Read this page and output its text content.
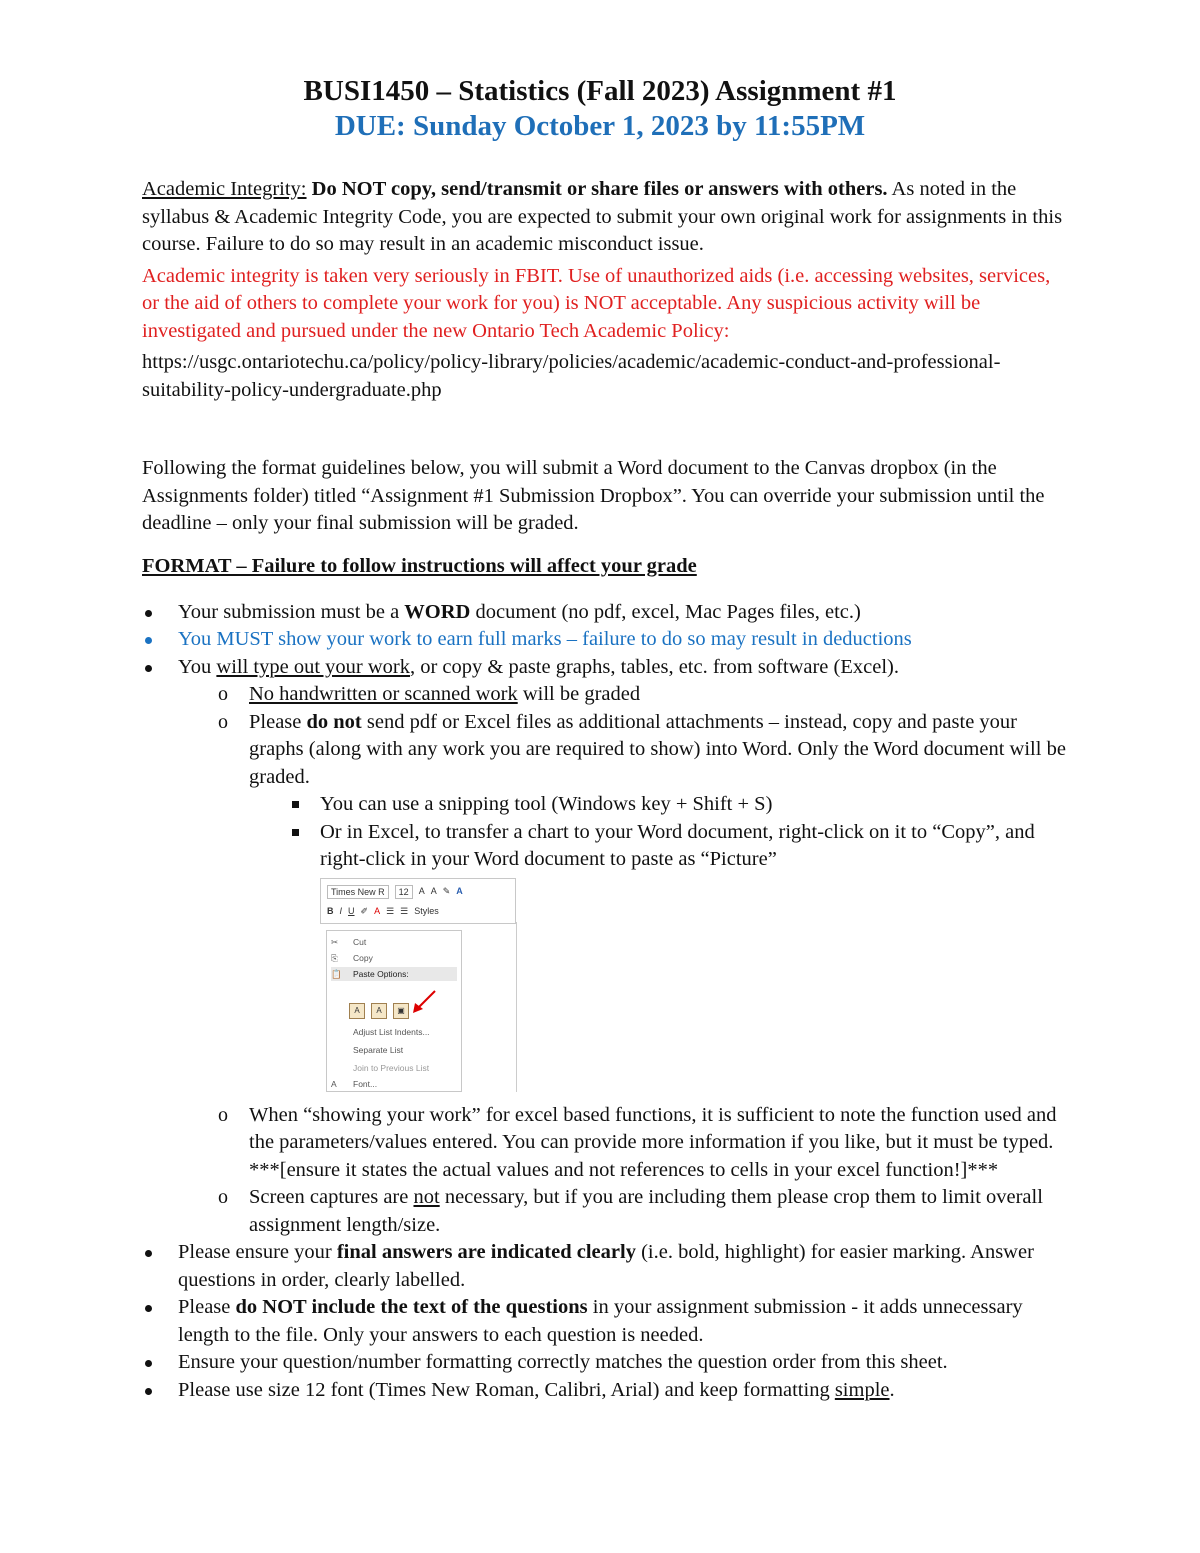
BUSI1450 – Statistics (Fall 2023) Assignment #1
DUE: Sunday October 1, 2023 by 11:55PM
Academic Integrity: Do NOT copy, send/transmit or share files or answers with others. As noted in the syllabus & Academic Integrity Code, you are expected to submit your own original work for assignments in this course. Failure to do so may result in an academic misconduct issue.
Academic integrity is taken very seriously in FBIT. Use of unauthorized aids (i.e. accessing websites, services, or the aid of others to complete your work for you) is NOT acceptable. Any suspicious activity will be investigated and pursued under the new Ontario Tech Academic Policy:
https://usgc.ontariotechu.ca/policy/policy-library/policies/academic/academic-conduct-and-professional-suitability-policy-undergraduate.php
Following the format guidelines below, you will submit a Word document to the Canvas dropbox (in the Assignments folder) titled “Assignment #1 Submission Dropbox”. You can override your submission until the deadline – only your final submission will be graded.
FORMAT – Failure to follow instructions will affect your grade
Your submission must be a WORD document (no pdf, excel, Mac Pages files, etc.)
You MUST show your work to earn full marks – failure to do so may result in deductions
You will type out your work, or copy & paste graphs, tables, etc. from software (Excel).
o No handwritten or scanned work will be graded
o Please do not send pdf or Excel files as additional attachments – instead, copy and paste your graphs (along with any work you are required to show) into Word. Only the Word document will be graded.
You can use a snipping tool (Windows key + Shift + S)
Or in Excel, to transfer a chart to your Word document, right-click on it to “Copy”, and right-click in your Word document to paste as “Picture”
Times New R	12	A A ✎ A
B I U ✐ A ☰ ☰ Styles
✂ Cut
⎘ Copy
📋 Paste Options:
A	A	▣
Adjust List Indents...
Separate List
Join to Previous List
A Font...
o When “showing your work” for excel based functions, it is sufficient to note the function used and the parameters/values entered. You can provide more information if you like, but it must be typed. ***[ensure it states the actual values and not references to cells in your excel function!]***
o Screen captures are not necessary, but if you are including them please crop them to limit overall assignment length/size.
Please ensure your final answers are indicated clearly (i.e. bold, highlight) for easier marking. Answer questions in order, clearly labelled.
Please do NOT include the text of the questions in your assignment submission - it adds unnecessary length to the file. Only your answers to each question is needed.
Ensure your question/number formatting correctly matches the question order from this sheet.
Please use size 12 font (Times New Roman, Calibri, Arial) and keep formatting simple.
